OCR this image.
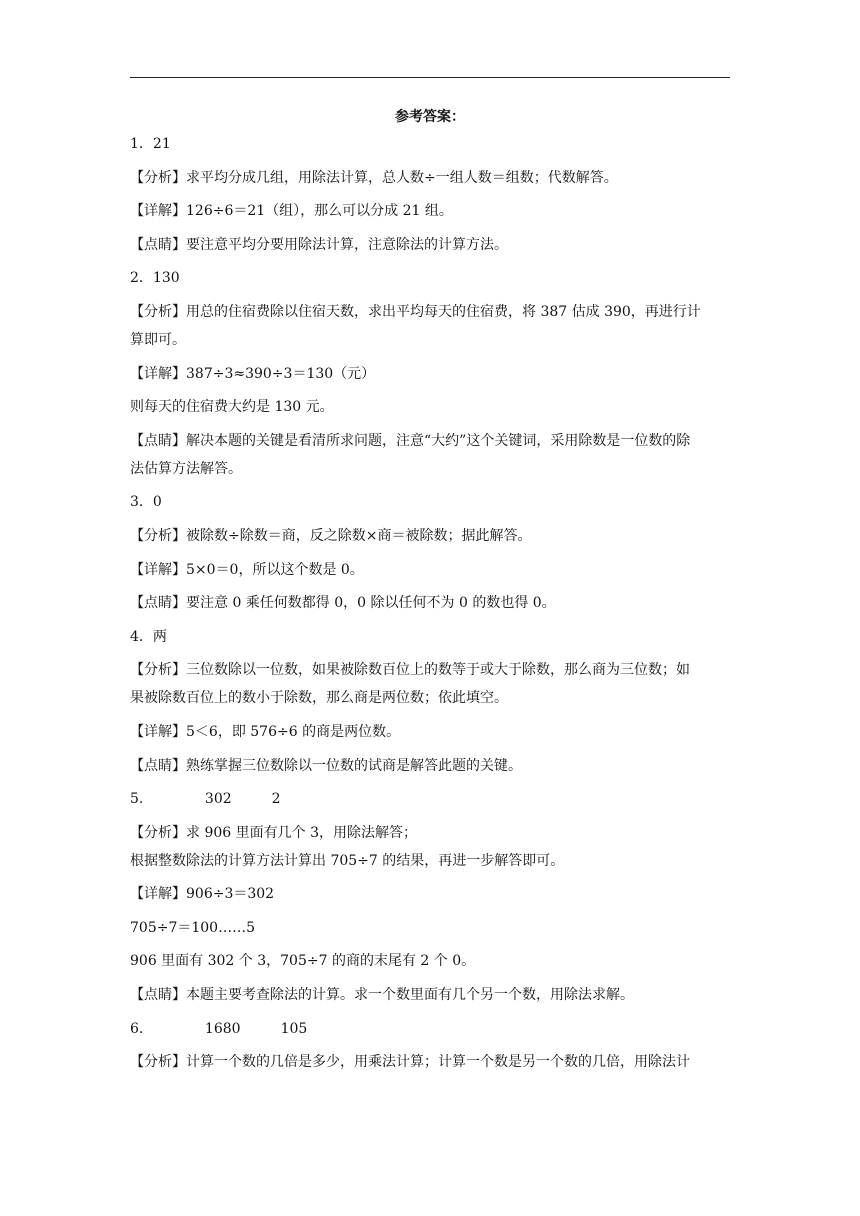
参考答案：
1．21
【分析】求平均分成几组，用除法计算，总人数÷一组人数＝组数；代数解答。
【详解】126÷6＝21（组），那么可以分成 21 组。
【点睛】要注意平均分要用除法计算，注意除法的计算方法。
2．130
【分析】用总的住宿费除以住宿天数，求出平均每天的住宿费，将 387 估成 390，再进行计
算即可。
【详解】387÷3≈390÷3＝130（元）
则每天的住宿费大约是 130 元。
【点睛】解决本题的关键是看清所求问题，注意“大约”这个关键词，采用除数是一位数的除
法估算方法解答。
3．0
【分析】被除数÷除数＝商，反之除数×商＝被除数；据此解答。
【详解】5×0＝0，所以这个数是 0。
【点睛】要注意 0 乘任何数都得 0，0 除以任何不为 0 的数也得 0。
4．两
【分析】三位数除以一位数，如果被除数百位上的数等于或大于除数，那么商为三位数；如
果被除数百位上的数小于除数，那么商是两位数；依此填空。
【详解】5＜6，即 576÷6 的商是两位数。
【点睛】熟练掌握三位数除以一位数的试商是解答此题的关键。
5．	302	2
【分析】求 906 里面有几个 3，用除法解答；
根据整数除法的计算方法计算出 705÷7 的结果，再进一步解答即可。
【详解】906÷3＝302
705÷7＝100……5
906 里面有 302 个 3，705÷7 的商的末尾有 2 个 0。
【点睛】本题主要考查除法的计算。求一个数里面有几个另一个数，用除法求解。
6．	1680	105
【分析】计算一个数的几倍是多少，用乘法计算；计算一个数是另一个数的几倍，用除法计
